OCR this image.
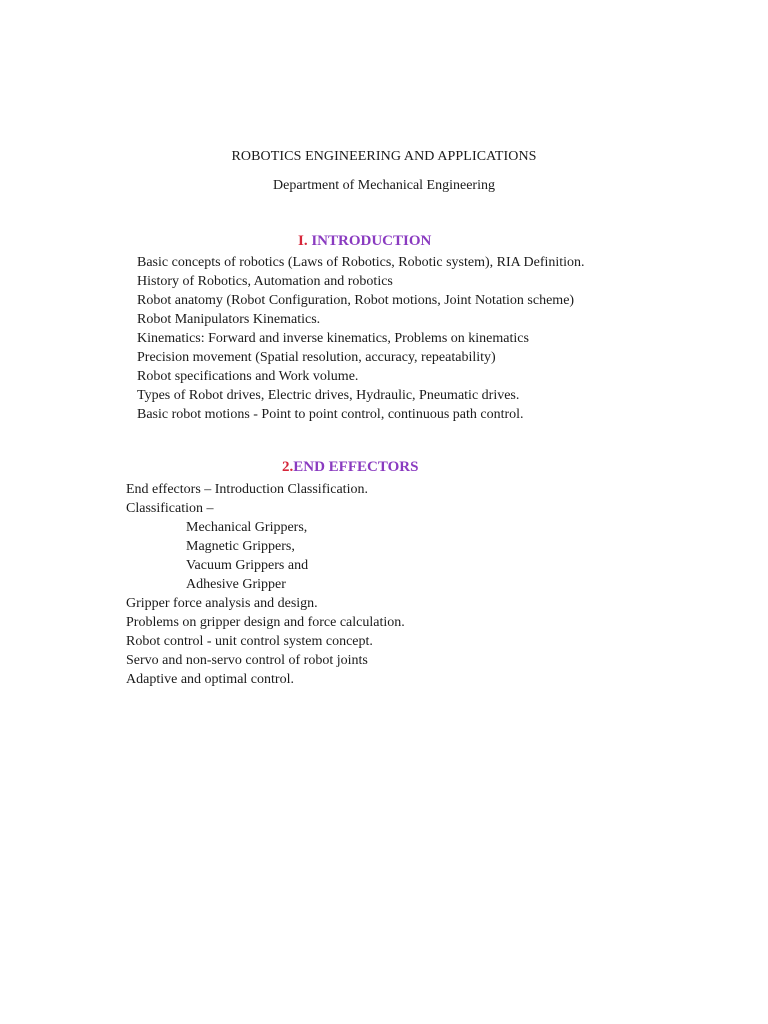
ROBOTICS ENGINEERING AND APPLICATIONS
Department of Mechanical Engineering
I. INTRODUCTION
Basic concepts of robotics (Laws of Robotics, Robotic system), RIA Definition.
History of Robotics, Automation and robotics
Robot anatomy (Robot Configuration, Robot motions, Joint Notation scheme)
Robot Manipulators Kinematics.
Kinematics: Forward and inverse kinematics, Problems on kinematics
Precision movement (Spatial resolution, accuracy, repeatability)
Robot specifications and Work volume.
Types of Robot drives, Electric drives, Hydraulic, Pneumatic drives.
Basic robot motions - Point to point control, continuous path control.
2.END EFFECTORS
End effectors – Introduction Classification.
Classification –
Mechanical Grippers,
Magnetic Grippers,
Vacuum Grippers and
Adhesive Gripper
Gripper force analysis and design.
Problems on gripper design and force calculation.
Robot control - unit control system concept.
Servo and non-servo control of robot joints
Adaptive and optimal control.
